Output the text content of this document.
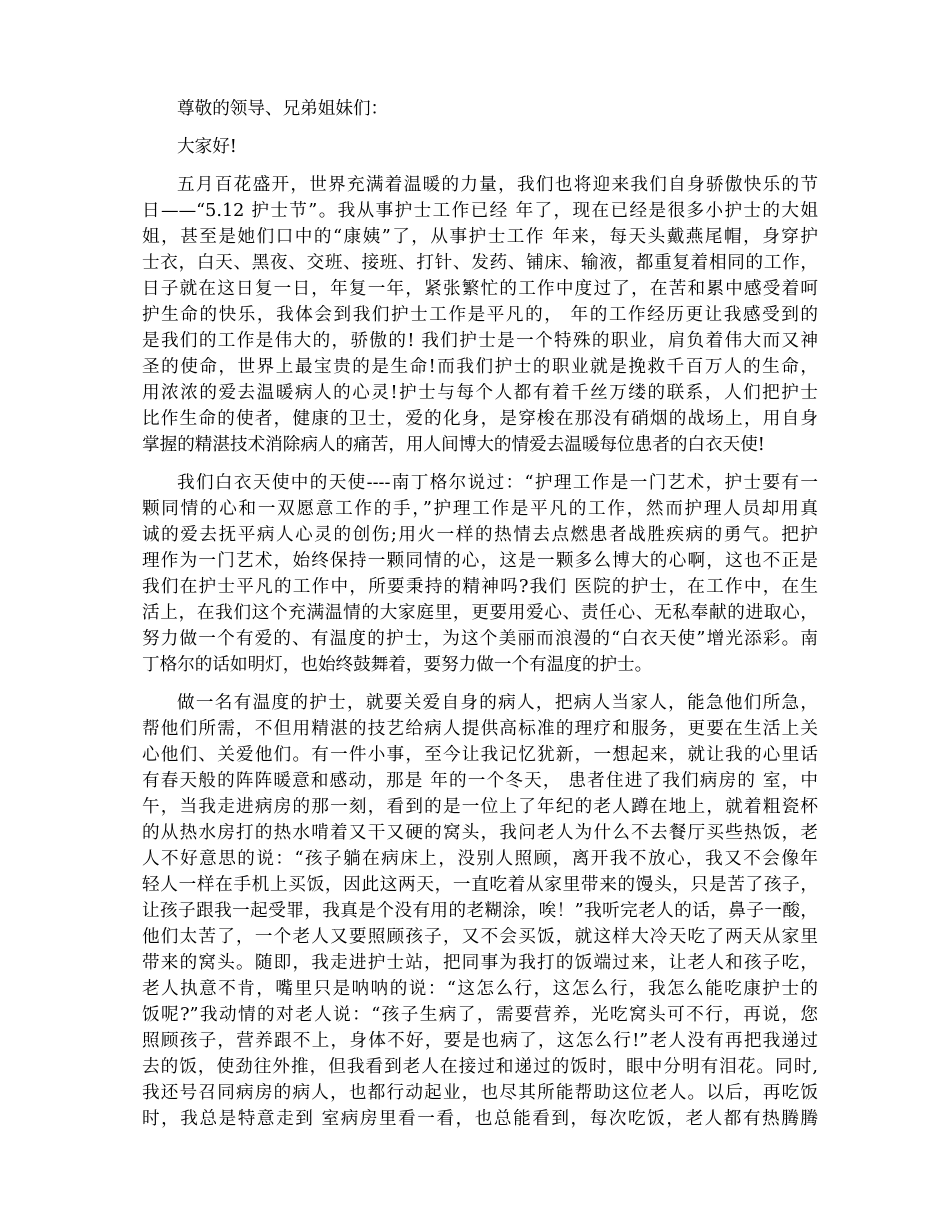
尊敬的领导、兄弟姐妹们：
大家好!
五月百花盛开，世界充满着温暖的力量，我们也将迎来我们自身骄傲快乐的节
日——“5.12 护士节”。我从事护士工作已经 年了，现在已经是很多小护士的大姐
姐，甚至是她们口中的“康姨”了，从事护士工作 年来，每天头戴燕尾帽，身穿护
士衣，白天、黑夜、交班、接班、打针、发药、铺床、输液，都重复着相同的工作，
日子就在这日复一日，年复一年，紧张繁忙的工作中度过了，在苦和累中感受着呵
护生命的快乐，我体会到我们护士工作是平凡的， 年的工作经历更让我感受到的
是我们的工作是伟大的，骄傲的! 我们护士是一个特殊的职业，肩负着伟大而又神
圣的使命，世界上最宝贵的是生命!而我们护士的职业就是挽救千百万人的生命，
用浓浓的爱去温暖病人的心灵!护士与每个人都有着千丝万缕的联系，人们把护士
比作生命的使者，健康的卫士，爱的化身，是穿梭在那没有硝烟的战场上，用自身
掌握的精湛技术消除病人的痛苦，用人间博大的情爱去温暖每位患者的白衣天使!
我们白衣天使中的天使----南丁格尔说过：“护理工作是一门艺术，护士要有一
颗同情的心和一双愿意工作的手，”护理工作是平凡的工作，然而护理人员却用真
诚的爱去抚平病人心灵的创伤;用火一样的热情去点燃患者战胜疾病的勇气。把护
理作为一门艺术，始终保持一颗同情的心，这是一颗多么博大的心啊，这也不正是
我们在护士平凡的工作中，所要秉持的精神吗?我们 医院的护士，在工作中，在生
活上，在我们这个充满温情的大家庭里，更要用爱心、责任心、无私奉献的进取心，
努力做一个有爱的、有温度的护士，为这个美丽而浪漫的“白衣天使”增光添彩。南
丁格尔的话如明灯，也始终鼓舞着，要努力做一个有温度的护士。
做一名有温度的护士，就要关爱自身的病人，把病人当家人，能急他们所急，
帮他们所需，不但用精湛的技艺给病人提供高标准的理疗和服务，更要在生活上关
心他们、关爱他们。有一件小事，至今让我记忆犹新，一想起来，就让我的心里话
有春天般的阵阵暖意和感动，那是 年的一个冬天， 患者住进了我们病房的 室，中
午，当我走进病房的那一刻，看到的是一位上了年纪的老人蹲在地上，就着粗瓷杯
的从热水房打的热水啃着又干又硬的窝头，我问老人为什么不去餐厅买些热饭，老
人不好意思的说：“孩子躺在病床上，没别人照顾，离开我不放心，我又不会像年
轻人一样在手机上买饭，因此这两天，一直吃着从家里带来的馒头，只是苦了孩子，
让孩子跟我一起受罪，我真是个没有用的老糊涂，唉！”我听完老人的话，鼻子一酸，
他们太苦了，一个老人又要照顾孩子，又不会买饭，就这样大冷天吃了两天从家里
带来的窝头。随即，我走进护士站，把同事为我打的饭端过来，让老人和孩子吃，
老人执意不肯，嘴里只是呐呐的说：“这怎么行，这怎么行，我怎么能吃康护士的
饭呢?”我动情的对老人说：“孩子生病了，需要营养，光吃窝头可不行，再说，您
照顾孩子，营养跟不上，身体不好，要是也病了，这怎么行!”老人没有再把我递过
去的饭，使劲往外推，但我看到老人在接过和递过的饭时，眼中分明有泪花。同时,
我还号召同病房的病人，也都行动起业，也尽其所能帮助这位老人。以后，再吃饭
时，我总是特意走到 室病房里看一看，也总能看到，每次吃饭，老人都有热腾腾
